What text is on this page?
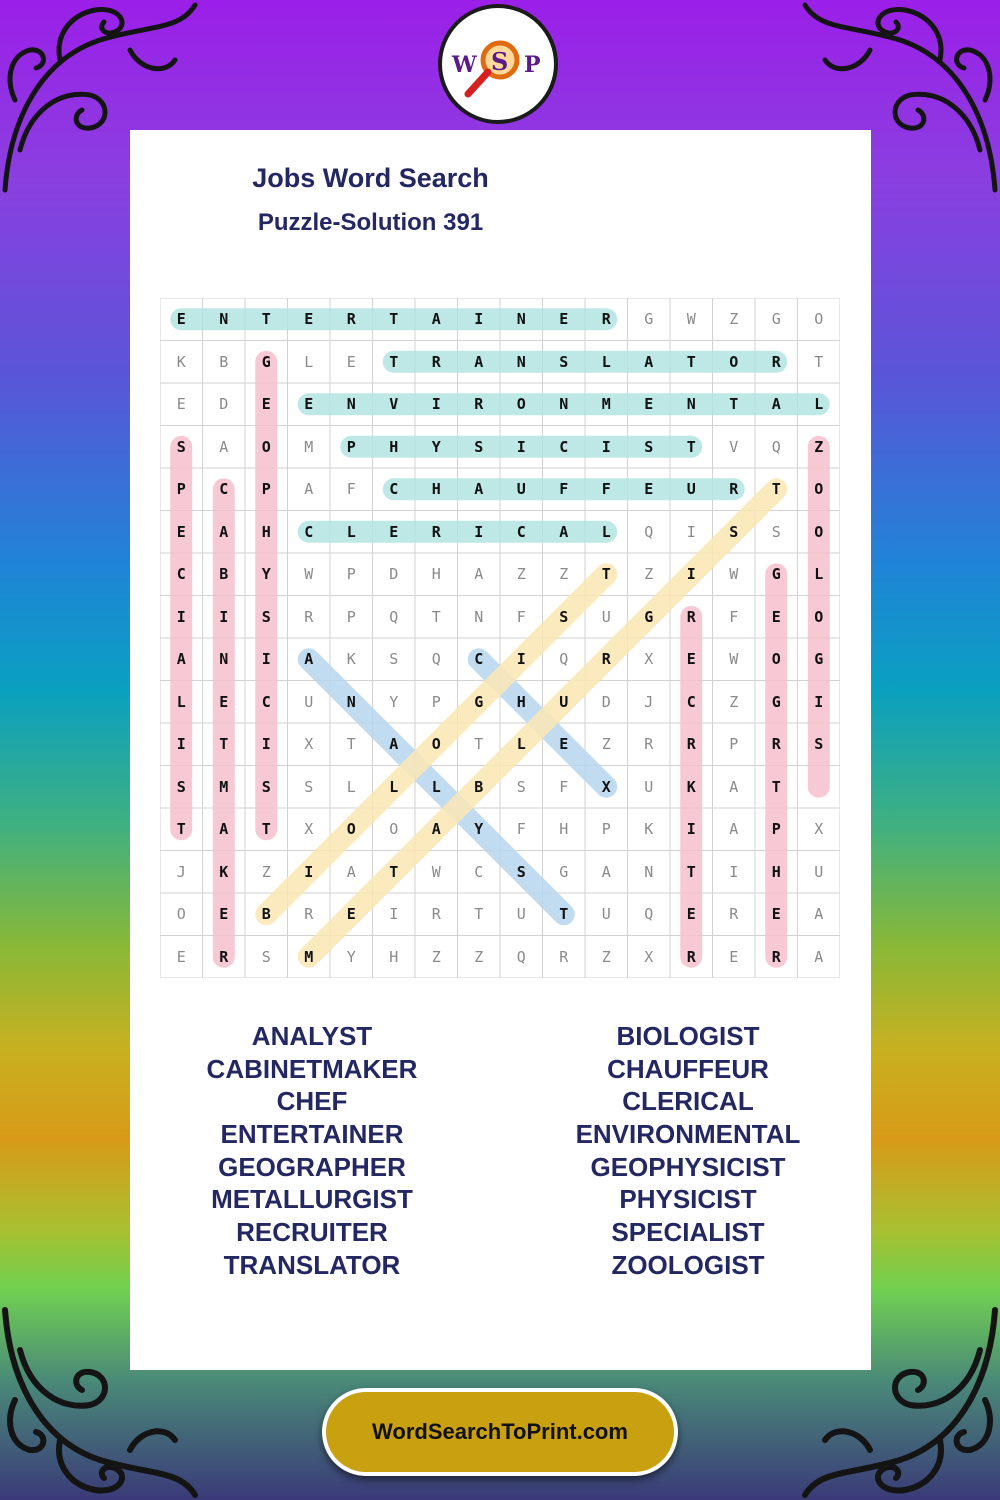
W S P
Jobs Word Search
Puzzle-Solution 391
E	N	T	E	R	T	A	I	N	E	R	G	W	Z	G	O
K	B	G	L	E	T	R	A	N	S	L	A	T	O	R	T
E	D	E	E	N	V	I	R	O	N	M	E	N	T	A	L
S	A	O	M	P	H	Y	S	I	C	I	S	T	V	Q	Z
P	C	P	A	F	C	H	A	U	F	F	E	U	R	T	O
E	A	H	C	L	E	R	I	C	A	L	Q	I	S	S	O
C	B	Y	W	P	D	H	A	Z	Z	T	Z	I	W	G	L
I	I	S	R	P	Q	T	N	F	S	U	G	R	F	E	O
A	N	I	A	K	S	Q	C	I	Q	R	X	E	W	O	G
L	E	C	U	N	Y	P	G	H	U	D	J	C	Z	G	I
I	T	I	X	T	A	O	T	L	E	Z	R	R	P	R	S
S	M	S	S	L	L	L	B	S	F	X	U	K	A	T
T	A	T	X	O	O	A	Y	F	H	P	K	I	A	P	X
J	K	Z	I	A	T	W	C	S	G	A	N	T	I	H	U
O	E	B	R	E	I	R	T	U	T	U	Q	E	R	E	A
E	R	S	M	Y	H	Z	Z	Q	R	Z	X	R	E	R	A
ANALYST
CABINETMAKER
CHEF
ENTERTAINER
GEOGRAPHER
METALLURGIST
RECRUITER
TRANSLATOR
BIOLOGIST
CHAUFFEUR
CLERICAL
ENVIRONMENTAL
GEOPHYSICIST
PHYSICIST
SPECIALIST
ZOOLOGIST
WordSearchToPrint.com
